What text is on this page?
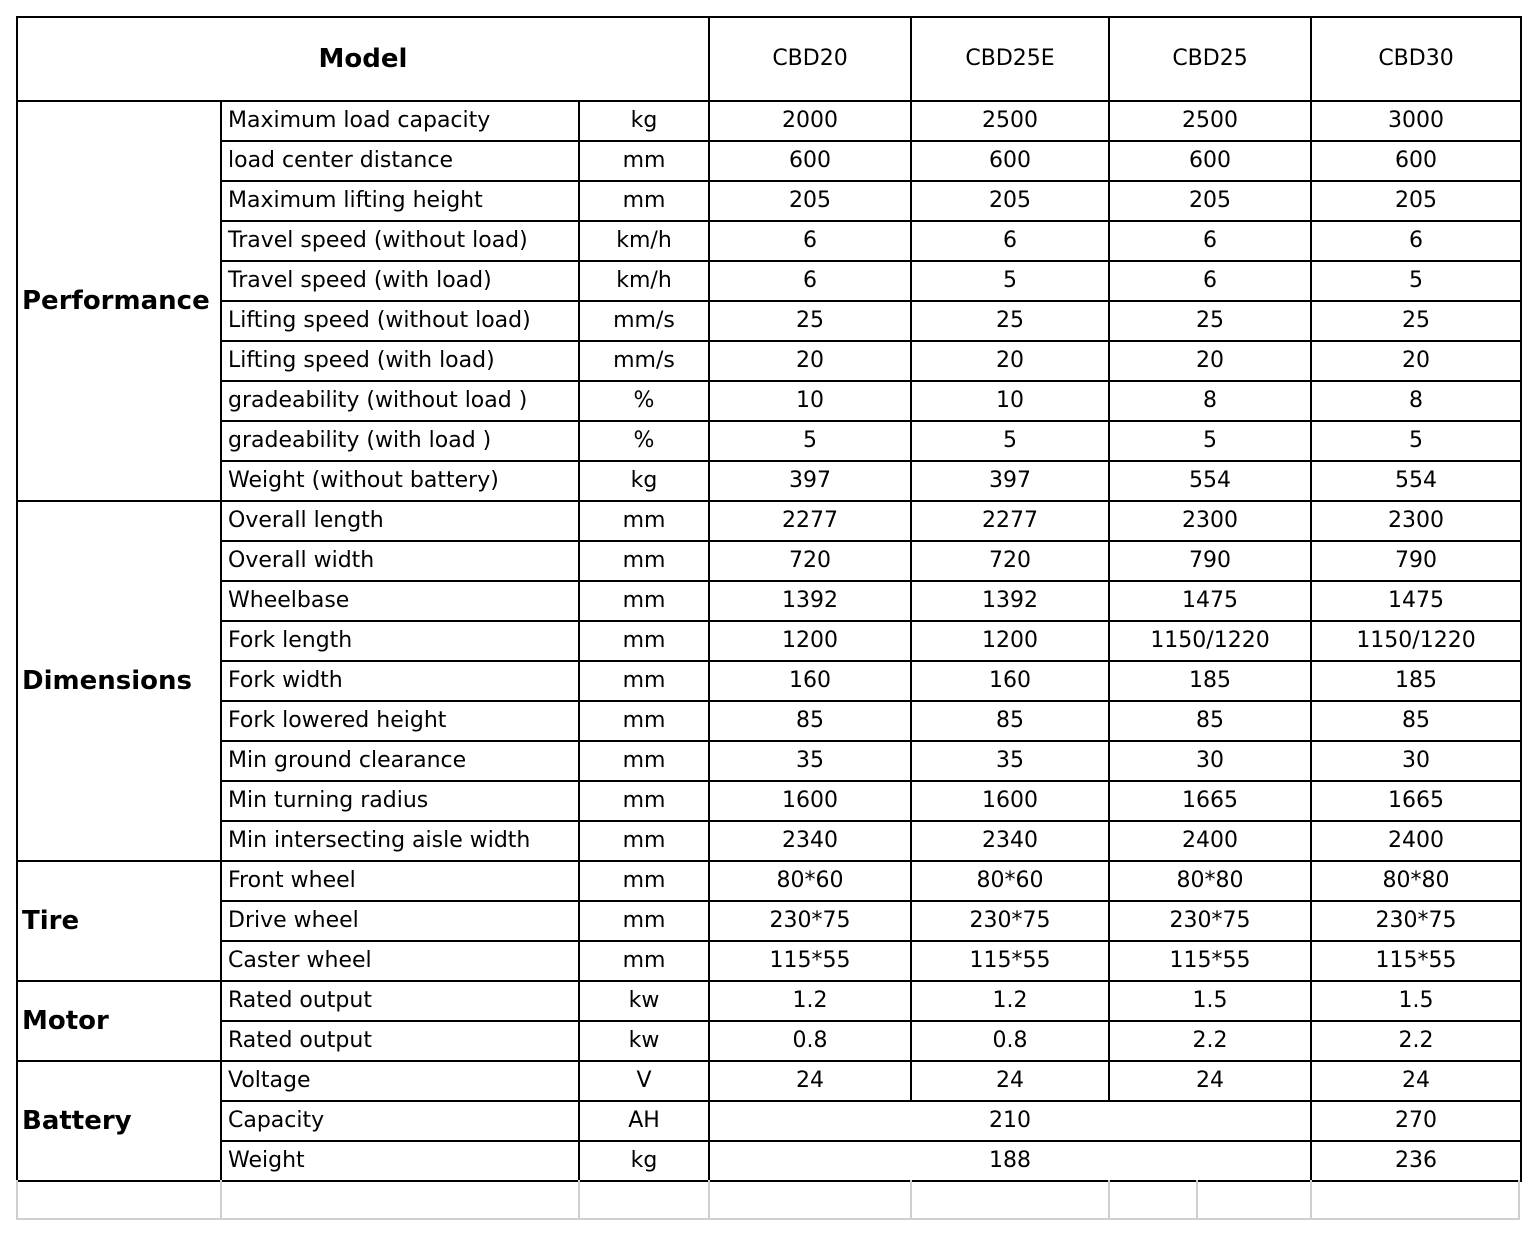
Model			CBD20	CBD25E	CBD25	CBD30
Performance	Maximum load capacity	kg	2000	2500	2500	3000
	load center distance	mm	600	600	600	600
	Maximum lifting height	mm	205	205	205	205
	Travel speed (without load)	km/h	6	6	6	6
	Travel speed (with load)	km/h	6	5	6	5
	Lifting speed (without load)	mm/s	25	25	25	25
	Lifting speed (with load)	mm/s	20	20	20	20
	gradeability (without load )	%	10	10	8	8
	gradeability (with load )	%	5	5	5	5
	Weight (without battery)	kg	397	397	554	554
Dimensions	Overall length	mm	2277	2277	2300	2300
	Overall width	mm	720	720	790	790
	Wheelbase	mm	1392	1392	1475	1475
	Fork length	mm	1200	1200	1150/1220	1150/1220
	Fork width	mm	160	160	185	185
	Fork lowered height	mm	85	85	85	85
	Min ground clearance	mm	35	35	30	30
	Min turning radius	mm	1600	1600	1665	1665
	Min intersecting aisle width	mm	2340	2340	2400	2400
Tire	Front wheel	mm	80*60	80*60	80*80	80*80
	Drive wheel	mm	230*75	230*75	230*75	230*75
	Caster wheel	mm	115*55	115*55	115*55	115*55
Motor	Rated output	kw	1.2	1.2	1.5	1.5
	Rated output	kw	0.8	0.8	2.2	2.2
Battery	Voltage	V	24	24	24	24
	Capacity	AH	210			270
	Weight	kg	188			236
